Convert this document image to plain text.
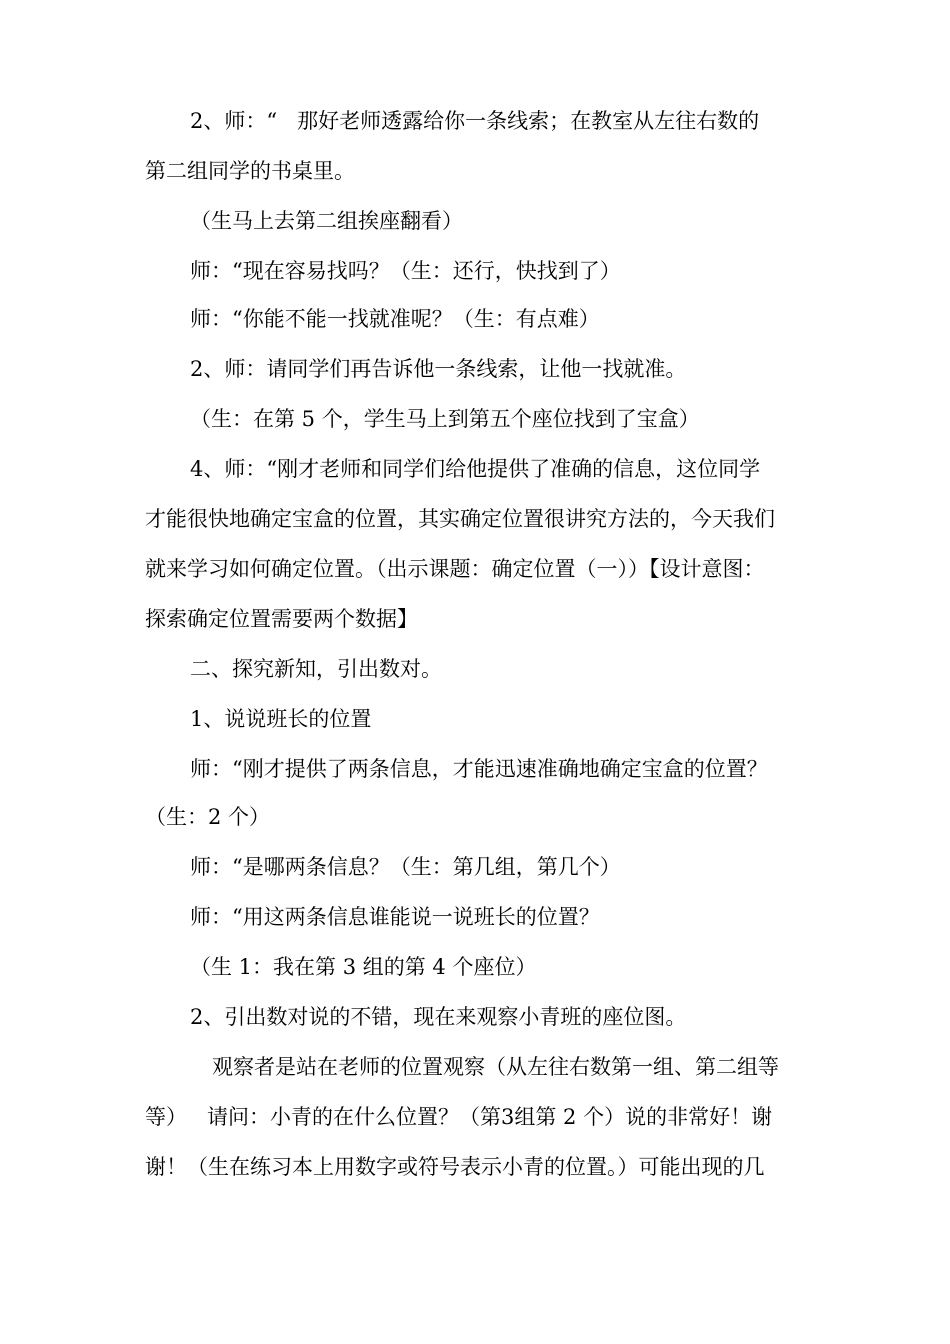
2、师：“   那好老师透露给你一条线索；在教室从左往右数的
第二组同学的书桌里。
（生马上去第二组挨座翻看）
师：“现在容易找吗？（生：还行，快找到了）
师：“你能不能一找就准呢？（生：有点难）
2、师：请同学们再告诉他一条线索，让他一找就准。
（生：在第 5 个，学生马上到第五个座位找到了宝盒）
4、师：“刚才老师和同学们给他提供了准确的信息，这位同学
才能很快地确定宝盒的位置，其实确定位置很讲究方法的，今天我们
就来学习如何确定位置。（出示课题：确定位置（一））【设计意图：
探索确定位置需要两个数据】
二、探究新知，引出数对。
1、说说班长的位置
师：“刚才提供了两条信息，才能迅速准确地确定宝盒的位置？
（生：2 个）
师：“是哪两条信息？（生：第几组，第几个）
师：“用这两条信息谁能说一说班长的位置？
（生 1：我在第 3 组的第 4 个座位）
2、引出数对说的不错，现在来观察小青班的座位图。
观察者是站在老师的位置观察（从左往右数第一组、第二组等
等）   请问：小青的在什么位置？（第3组第 2 个）说的非常好！谢
谢！（生在练习本上用数字或符号表示小青的位置。）可能出现的几
